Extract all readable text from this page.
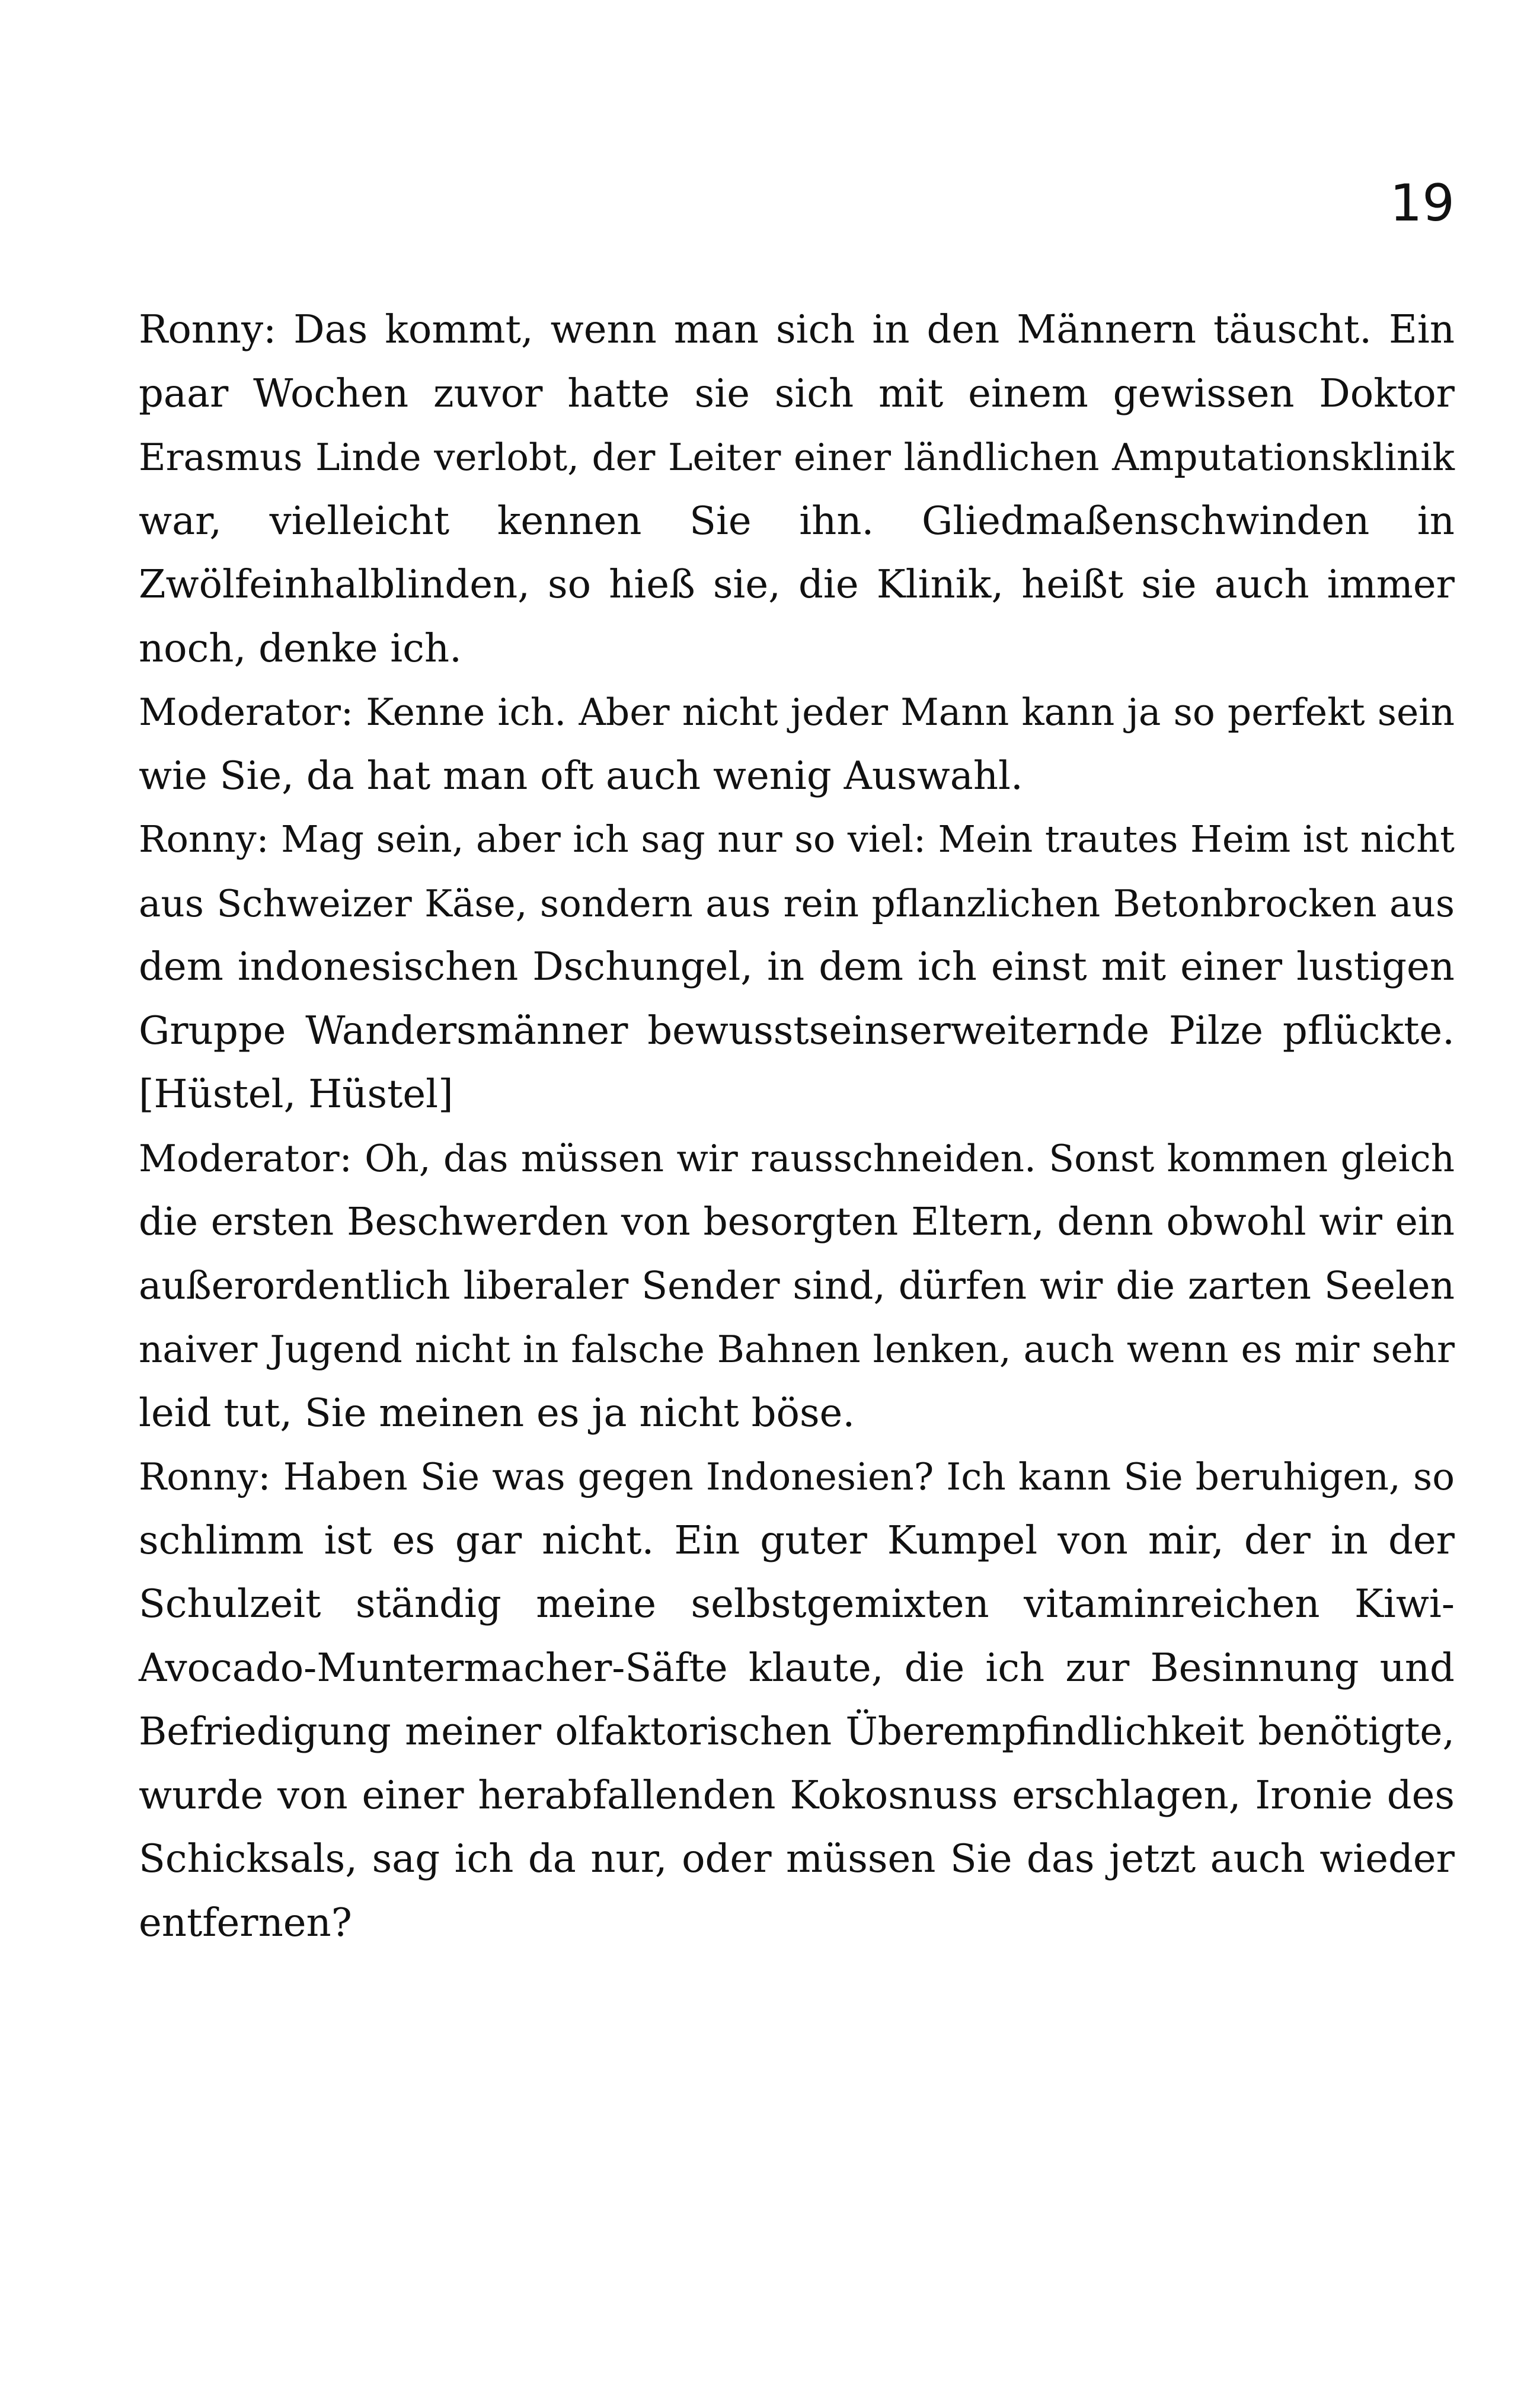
19
Ronny: Das kommt, wenn man sich in den Männern täuscht. Ein
paar Wochen zuvor hatte sie sich mit einem gewissen Doktor
Erasmus Linde verlobt, der Leiter einer ländlichen Amputationsklinik
war, vielleicht kennen Sie ihn. Gliedmaßenschwinden in
Zwölfeinhalblinden, so hieß sie, die Klinik, heißt sie auch immer
noch, denke ich.
Moderator: Kenne ich. Aber nicht jeder Mann kann ja so perfekt sein
wie Sie, da hat man oft auch wenig Auswahl.
Ronny: Mag sein, aber ich sag nur so viel: Mein trautes Heim ist nicht
aus Schweizer Käse, sondern aus rein pflanzlichen Betonbrocken aus
dem indonesischen Dschungel, in dem ich einst mit einer lustigen
Gruppe Wandersmänner bewusstseinserweiternde Pilze pflückte.
[Hüstel, Hüstel]
Moderator: Oh, das müssen wir rausschneiden. Sonst kommen gleich
die ersten Beschwerden von besorgten Eltern, denn obwohl wir ein
außerordentlich liberaler Sender sind, dürfen wir die zarten Seelen
naiver Jugend nicht in falsche Bahnen lenken, auch wenn es mir sehr
leid tut, Sie meinen es ja nicht böse.
Ronny: Haben Sie was gegen Indonesien? Ich kann Sie beruhigen, so
schlimm ist es gar nicht. Ein guter Kumpel von mir, der in der
Schulzeit ständig meine selbstgemixten vitaminreichen Kiwi-
Avocado-Muntermacher-Säfte klaute, die ich zur Besinnung und
Befriedigung meiner olfaktorischen Überempfindlichkeit benötigte,
wurde von einer herabfallenden Kokosnuss erschlagen, Ironie des
Schicksals, sag ich da nur, oder müssen Sie das jetzt auch wieder
entfernen?
